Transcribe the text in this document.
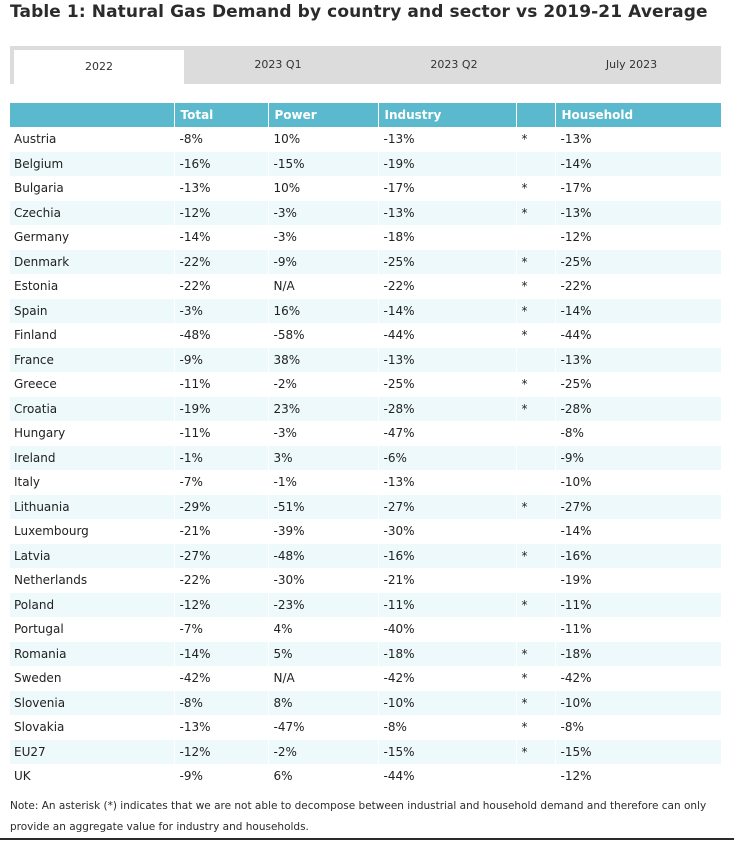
Table 1: Natural Gas Demand by country and sector vs 2019-21 Average
2022	2023 Q1	2023 Q2	July 2023
	Total	Power	Industry		Household
Austria	-8%	10%	-13%	*	-13%
Belgium	-16%	-15%	-19%		-14%
Bulgaria	-13%	10%	-17%	*	-17%
Czechia	-12%	-3%	-13%	*	-13%
Germany	-14%	-3%	-18%		-12%
Denmark	-22%	-9%	-25%	*	-25%
Estonia	-22%	N/A	-22%	*	-22%
Spain	-3%	16%	-14%	*	-14%
Finland	-48%	-58%	-44%	*	-44%
France	-9%	38%	-13%		-13%
Greece	-11%	-2%	-25%	*	-25%
Croatia	-19%	23%	-28%	*	-28%
Hungary	-11%	-3%	-47%		-8%
Ireland	-1%	3%	-6%		-9%
Italy	-7%	-1%	-13%		-10%
Lithuania	-29%	-51%	-27%	*	-27%
Luxembourg	-21%	-39%	-30%		-14%
Latvia	-27%	-48%	-16%	*	-16%
Netherlands	-22%	-30%	-21%		-19%
Poland	-12%	-23%	-11%	*	-11%
Portugal	-7%	4%	-40%		-11%
Romania	-14%	5%	-18%	*	-18%
Sweden	-42%	N/A	-42%	*	-42%
Slovenia	-8%	8%	-10%	*	-10%
Slovakia	-13%	-47%	-8%	*	-8%
EU27	-12%	-2%	-15%	*	-15%
UK	-9%	6%	-44%		-12%
Note: An asterisk (*) indicates that we are not able to decompose between industrial and household demand and therefore can only provide an aggregate value for industry and households.
